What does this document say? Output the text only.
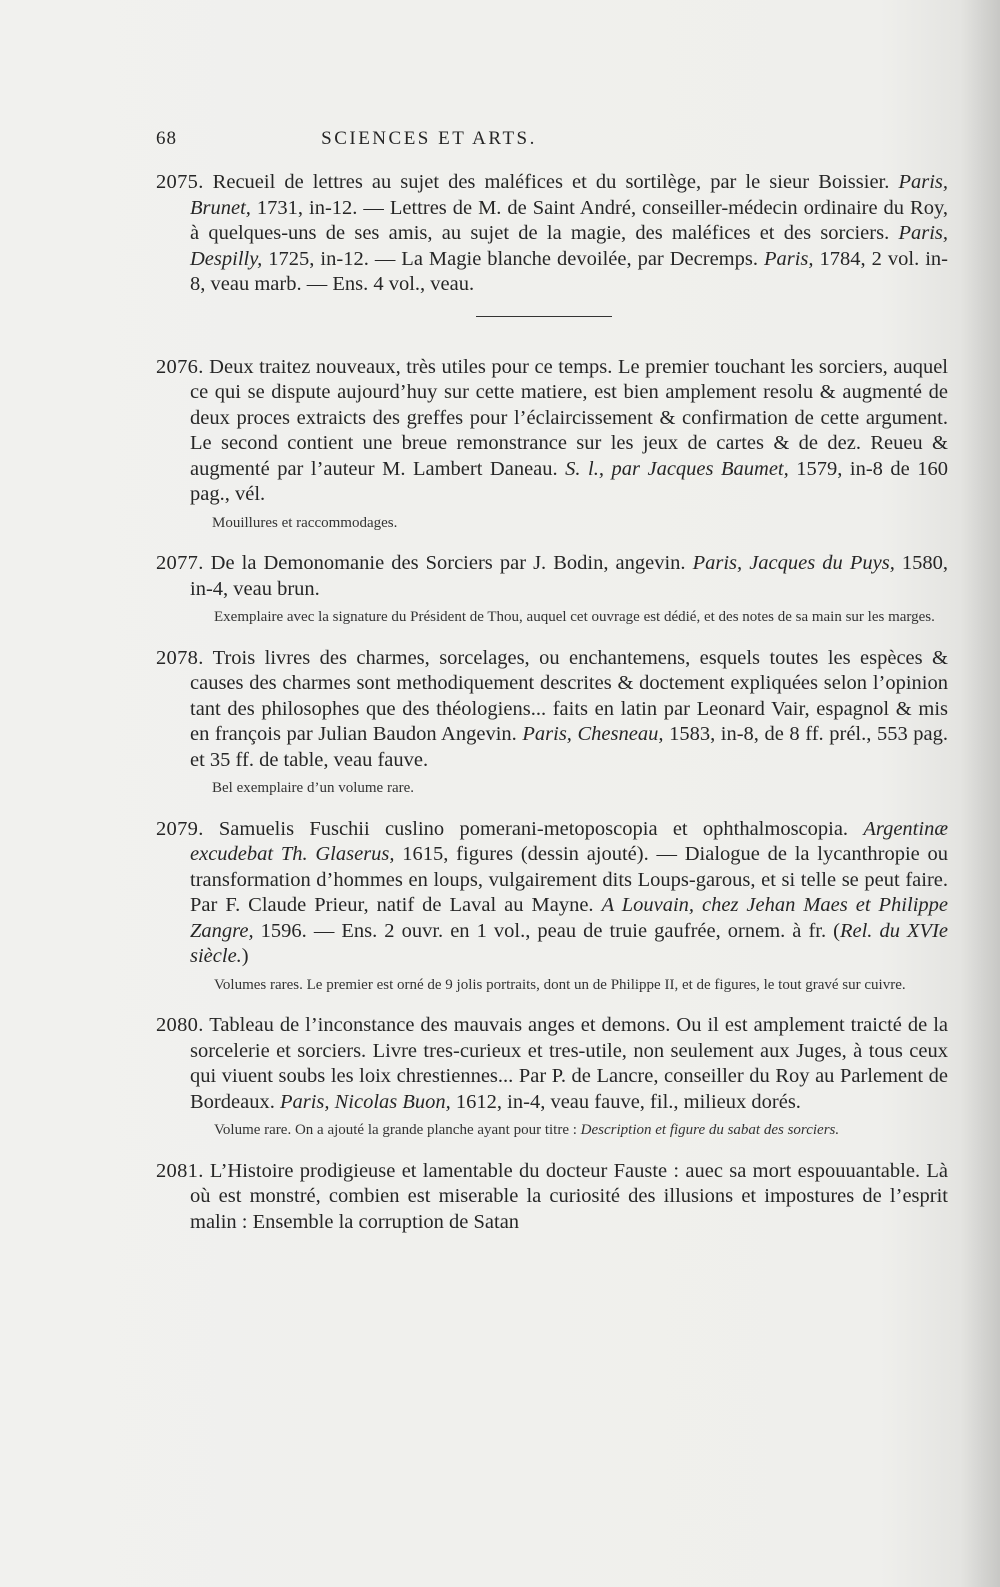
68	SCIENCES ET ARTS.

2075. Recueil de lettres au sujet des maléfices et du sortilège, par le sieur Boissier. Paris, Brunet, 1731, in-12. — Lettres de M. de Saint André, conseiller-médecin ordinaire du Roy, à quelques-uns de ses amis, au sujet de la magie, des maléfices et des sorciers. Paris, Despilly, 1725, in-12. — La Magie blanche devoilée, par Decremps. Paris, 1784, 2 vol. in-8, veau marb. — Ens. 4 vol., veau.

2076. Deux traitez nouveaux, très utiles pour ce temps. Le premier touchant les sorciers, auquel ce qui se dispute aujourd’huy sur cette matiere, est bien amplement resolu & augmenté de deux proces extraicts des greffes pour l’éclaircissement & confirmation de cette argument. Le second contient une breue remonstrance sur les jeux de cartes & de dez. Reueu & augmenté par l’auteur M. Lambert Daneau. S. l., par Jacques Baumet, 1579, in-8 de 160 pag., vél.

Mouillures et raccommodages.

2077. De la Demonomanie des Sorciers par J. Bodin, angevin. Paris, Jacques du Puys, 1580, in-4, veau brun.

Exemplaire avec la signature du Président de Thou, auquel cet ouvrage est dédié, et des notes de sa main sur les marges.

2078. Trois livres des charmes, sorcelages, ou enchantemens, esquels toutes les espèces & causes des charmes sont methodiquement descrites & doctement expliquées selon l’opinion tant des philosophes que des théologiens... faits en latin par Leonard Vair, espagnol & mis en françois par Julian Baudon Angevin. Paris, Chesneau, 1583, in-8, de 8 ff. prél., 553 pag. et 35 ff. de table, veau fauve.

Bel exemplaire d’un volume rare.

2079. Samuelis Fuschii cuslino pomerani-metoposcopia et ophthalmoscopia. Argentinæ excudebat Th. Glaserus, 1615, figures (dessin ajouté). — Dialogue de la lycanthropie ou transformation d’hommes en loups, vulgairement dits Loups-garous, et si telle se peut faire. Par F. Claude Prieur, natif de Laval au Mayne. A Louvain, chez Jehan Maes et Philippe Zangre, 1596. — Ens. 2 ouvr. en 1 vol., peau de truie gaufrée, ornem. à fr. (Rel. du XVIe siècle.)

Volumes rares. Le premier est orné de 9 jolis portraits, dont un de Philippe II, et de figures, le tout gravé sur cuivre.

2080. Tableau de l’inconstance des mauvais anges et demons. Ou il est amplement traicté de la sorcelerie et sorciers. Livre tres-curieux et tres-utile, non seulement aux Juges, à tous ceux qui viuent soubs les loix chrestiennes... Par P. de Lancre, conseiller du Roy au Parlement de Bordeaux. Paris, Nicolas Buon, 1612, in-4, veau fauve, fil., milieux dorés.

Volume rare. On a ajouté la grande planche ayant pour titre : Description et figure du sabat des sorciers.

2081. L’Histoire prodigieuse et lamentable du docteur Fauste : auec sa mort espouuantable. Là où est monstré, combien est miserable la curiosité des illusions et impostures de l’esprit malin : Ensemble la corruption de Satan
